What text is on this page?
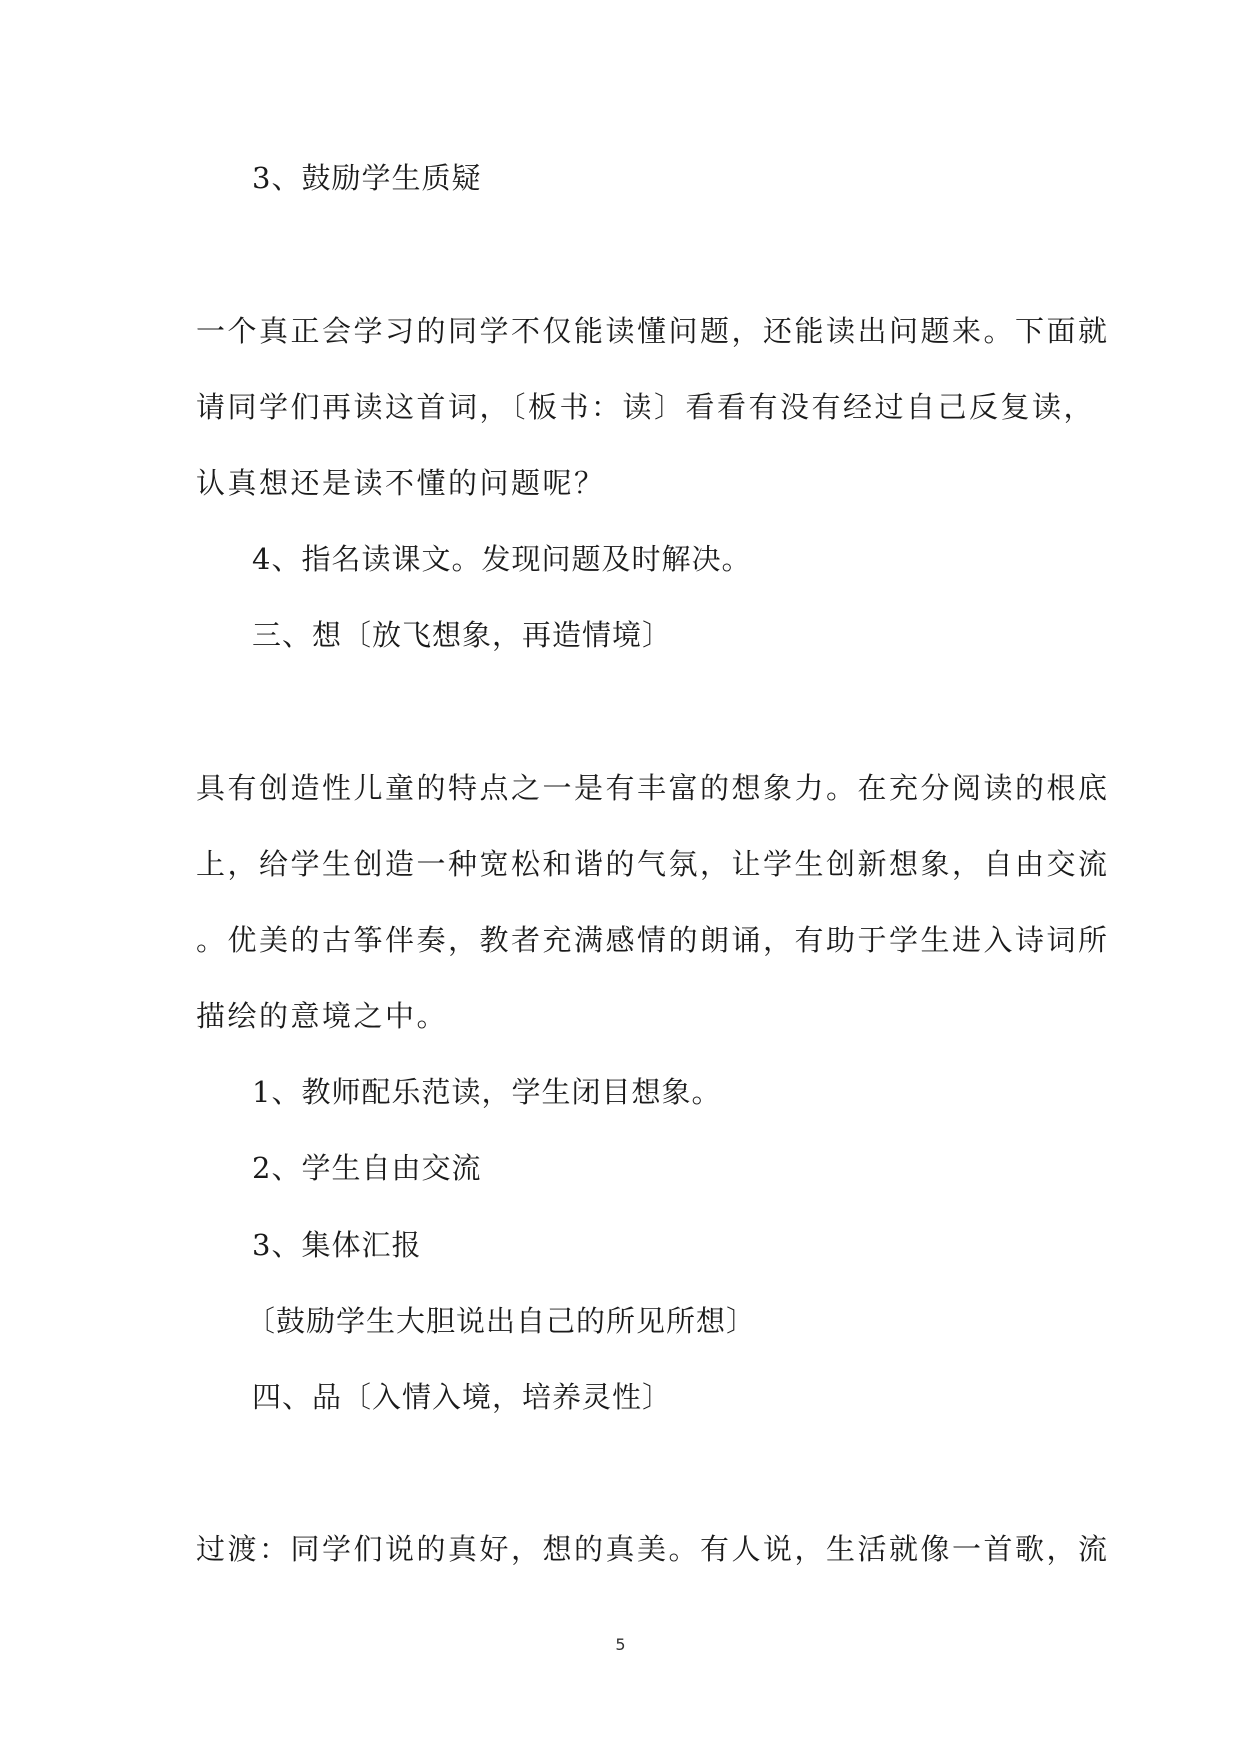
3、鼓励学生质疑
一个真正会学习的同学不仅能读懂问题，还能读出问题来。下面就
请同学们再读这首词，〔板书：读〕看看有没有经过自己反复读，
认真想还是读不懂的问题呢？
4、指名读课文。发现问题及时解决。
三、想〔放飞想象，再造情境〕
具有创造性儿童的特点之一是有丰富的想象力。在充分阅读的根底
上，给学生创造一种宽松和谐的气氛，让学生创新想象，自由交流
。优美的古筝伴奏，教者充满感情的朗诵，有助于学生进入诗词所
描绘的意境之中。
1、教师配乐范读，学生闭目想象。
2、学生自由交流
3、集体汇报
〔鼓励学生大胆说出自己的所见所想〕
四、品〔入情入境，培养灵性〕
过渡：同学们说的真好，想的真美。有人说，生活就像一首歌，流
5
